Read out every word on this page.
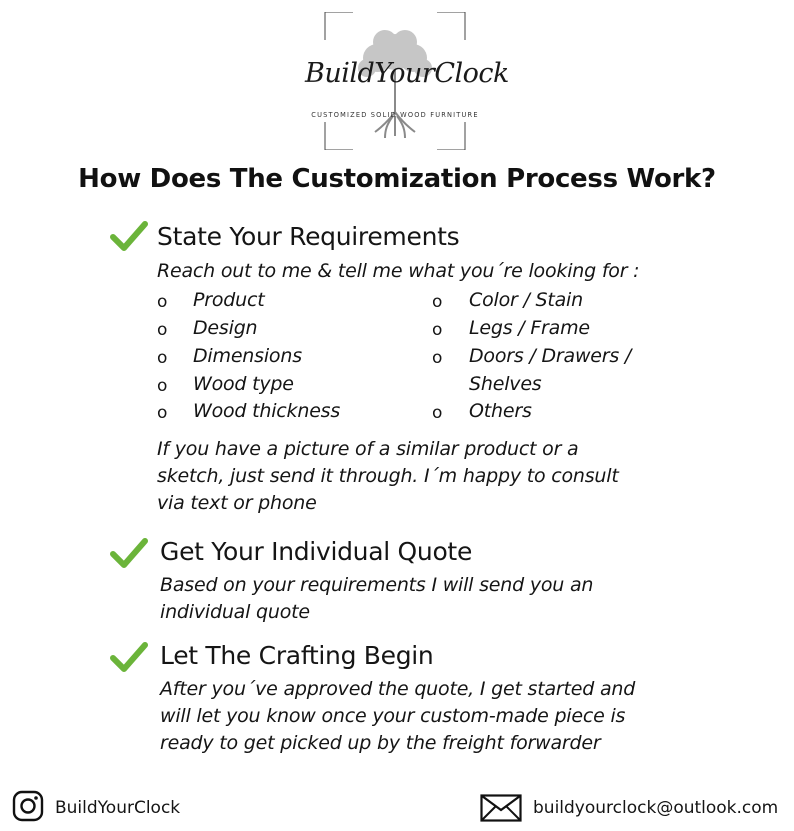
BuildYourClock
CUSTOMIZED SOLID WOOD FURNITURE
How Does The Customization Process Work?
State Your Requirements
Reach out to me & tell me what you´re looking for :
o Product
o Design
o Dimensions
o Wood type
o Wood thickness
o Color / Stain
o Legs / Frame
o Doors / Drawers /
Shelves
o Others
If you have a picture of a similar product or a
sketch, just send it through. I´m happy to consult
via text or phone
Get Your Individual Quote
Based on your requirements I will send you an
individual quote
Let The Crafting Begin
After you´ve approved the quote, I get started and
will let you know once your custom-made piece is
ready to get picked up by the freight forwarder
BuildYourClock	buildyourclock@outlook.com
